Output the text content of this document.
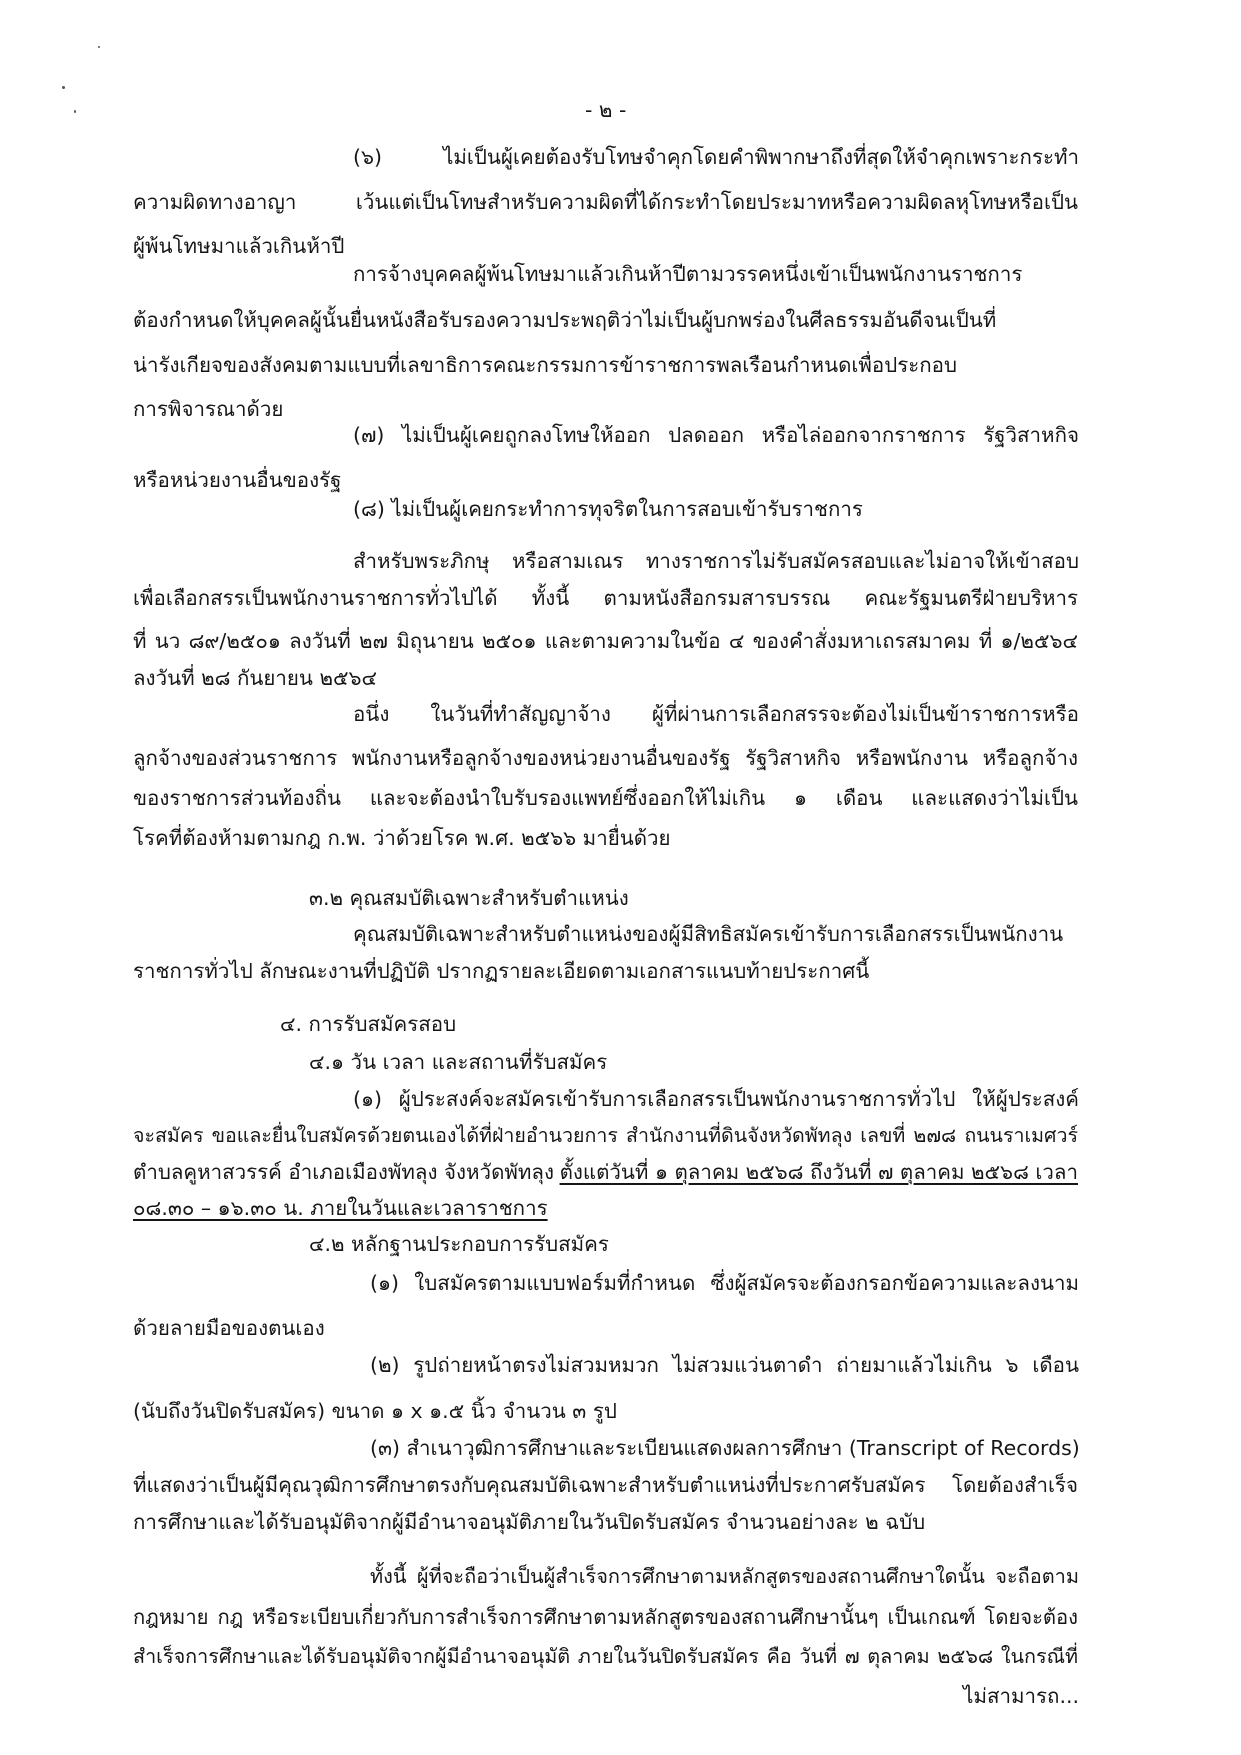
- ๒ -

(๖) ไม่เป็นผู้เคยต้องรับโทษจำคุกโดยคำพิพากษาถึงที่สุดให้จำคุกเพราะกระทำ

ความผิดทางอาญา เว้นแต่เป็นโทษสำหรับความผิดที่ได้กระทำโดยประมาทหรือความผิดลหุโทษหรือเป็น

ผู้พ้นโทษมาแล้วเกินห้าปี

การจ้างบุคคลผู้พ้นโทษมาแล้วเกินห้าปีตามวรรคหนึ่งเข้าเป็นพนักงานราชการ

ต้องกำหนดให้บุคคลผู้นั้นยื่นหนังสือรับรองความประพฤติว่าไม่เป็นผู้บกพร่องในศีลธรรมอันดีจนเป็นที่

น่ารังเกียจของสังคมตามแบบที่เลขาธิการคณะกรรมการข้าราชการพลเรือนกำหนดเพื่อประกอบ

การพิจารณาด้วย

(๗) ไม่เป็นผู้เคยถูกลงโทษให้ออก ปลดออก หรือไล่ออกจากราชการ รัฐวิสาหกิจ

หรือหน่วยงานอื่นของรัฐ

(๘) ไม่เป็นผู้เคยกระทำการทุจริตในการสอบเข้ารับราชการ

สำหรับพระภิกษุ หรือสามเณร ทางราชการไม่รับสมัครสอบและไม่อาจให้เข้าสอบ

เพื่อเลือกสรรเป็นพนักงานราชการทั่วไปได้ ทั้งนี้ ตามหนังสือกรมสารบรรณ คณะรัฐมนตรีฝ่ายบริหาร

ที่ นว ๘๙/๒๕๐๑ ลงวันที่ ๒๗ มิถุนายน ๒๕๐๑ และตามความในข้อ ๔ ของคำสั่งมหาเถรสมาคม ที่ ๑/๒๕๖๔

ลงวันที่ ๒๘ กันยายน ๒๕๖๔

อนึ่ง ในวันที่ทำสัญญาจ้าง ผู้ที่ผ่านการเลือกสรรจะต้องไม่เป็นข้าราชการหรือ

ลูกจ้างของส่วนราชการ พนักงานหรือลูกจ้างของหน่วยงานอื่นของรัฐ รัฐวิสาหกิจ หรือพนักงาน หรือลูกจ้าง

ของราชการส่วนท้องถิ่น และจะต้องนำใบรับรองแพทย์ซึ่งออกให้ไม่เกิน ๑ เดือน และแสดงว่าไม่เป็น

โรคที่ต้องห้ามตามกฎ ก.พ. ว่าด้วยโรค พ.ศ. ๒๕๖๖ มายื่นด้วย

๓.๒ คุณสมบัติเฉพาะสำหรับตำแหน่ง

คุณสมบัติเฉพาะสำหรับตำแหน่งของผู้มีสิทธิสมัครเข้ารับการเลือกสรรเป็นพนักงาน

ราชการทั่วไป ลักษณะงานที่ปฏิบัติ ปรากฏรายละเอียดตามเอกสารแนบท้ายประกาศนี้

๔. การรับสมัครสอบ

๔.๑ วัน เวลา และสถานที่รับสมัคร

(๑) ผู้ประสงค์จะสมัครเข้ารับการเลือกสรรเป็นพนักงานราชการทั่วไป ให้ผู้ประสงค์

จะสมัคร ขอและยื่นใบสมัครด้วยตนเองได้ที่ฝ่ายอำนวยการ สำนักงานที่ดินจังหวัดพัทลุง เลขที่ ๒๗๘ ถนนราเมศวร์

ตำบลคูหาสวรรค์ อำเภอเมืองพัทลุง จังหวัดพัทลุง ตั้งแต่วันที่ ๑ ตุลาคม ๒๕๖๘ ถึงวันที่ ๗ ตุลาคม ๒๕๖๘ เวลา

๐๘.๓๐ – ๑๖.๓๐ น. ภายในวันและเวลาราชการ

๔.๒ หลักฐานประกอบการรับสมัคร

(๑) ใบสมัครตามแบบฟอร์มที่กำหนด ซึ่งผู้สมัครจะต้องกรอกข้อความและลงนาม

ด้วยลายมือของตนเอง

(๒) รูปถ่ายหน้าตรงไม่สวมหมวก ไม่สวมแว่นตาดำ ถ่ายมาแล้วไม่เกิน ๖ เดือน

(นับถึงวันปิดรับสมัคร) ขนาด ๑ x ๑.๕ นิ้ว จำนวน ๓ รูป

(๓) สำเนาวุฒิการศึกษาและระเบียนแสดงผลการศึกษา (Transcript of Records)

ที่แสดงว่าเป็นผู้มีคุณวุฒิการศึกษาตรงกับคุณสมบัติเฉพาะสำหรับตำแหน่งที่ประกาศรับสมัคร โดยต้องสำเร็จ

การศึกษาและได้รับอนุมัติจากผู้มีอำนาจอนุมัติภายในวันปิดรับสมัคร จำนวนอย่างละ ๒ ฉบับ

ทั้งนี้ ผู้ที่จะถือว่าเป็นผู้สำเร็จการศึกษาตามหลักสูตรของสถานศึกษาใดนั้น จะถือตาม

กฎหมาย กฎ หรือระเบียบเกี่ยวกับการสำเร็จการศึกษาตามหลักสูตรของสถานศึกษานั้นๆ เป็นเกณฑ์ โดยจะต้อง

สำเร็จการศึกษาและได้รับอนุมัติจากผู้มีอำนาจอนุมัติ ภายในวันปิดรับสมัคร คือ วันที่ ๗ ตุลาคม ๒๕๖๘ ในกรณีที่

ไม่สามารถ...
